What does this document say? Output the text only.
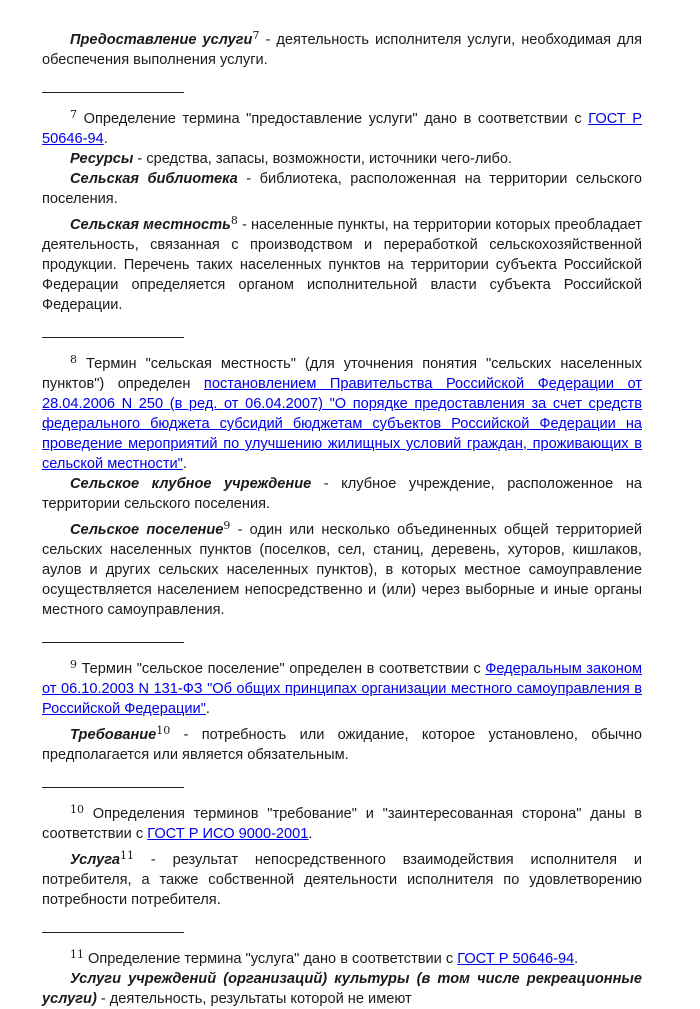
Предоставление услуги$^7$ - деятельность исполнителя услуги, необходимая для обеспечения выполнения услуги.

$^7$ Определение термина "предоставление услуги" дано в соответствии с ГОСТ Р 50646-94.

Ресурсы - средства, запасы, возможности, источники чего-либо.

Сельская библиотека - библиотека, расположенная на территории сельского поселения.

Сельская местность$^8$ - населенные пункты, на территории которых преобладает деятельность, связанная с производством и переработкой сельскохозяйственной продукции. Перечень таких населенных пунктов на территории субъекта Российской Федерации определяется органом исполнительной власти субъекта Российской Федерации.

$^8$ Термин "сельская местность" (для уточнения понятия "сельских населенных пунктов") определен постановлением Правительства Российской Федерации от 28.04.2006 N 250 (в ред. от 06.04.2007) "О порядке предоставления за счет средств федерального бюджета субсидий бюджетам субъектов Российской Федерации на проведение мероприятий по улучшению жилищных условий граждан, проживающих в сельской местности".

Сельское клубное учреждение - клубное учреждение, расположенное на территории сельского поселения.

Сельское поселение$^9$ - один или несколько объединенных общей территорией сельских населенных пунктов (поселков, сел, станиц, деревень, хуторов, кишлаков, аулов и других сельских населенных пунктов), в которых местное самоуправление осуществляется населением непосредственно и (или) через выборные и иные органы местного самоуправления.

$^9$ Термин "сельское поселение" определен в соответствии с Федеральным законом от 06.10.2003 N 131-ФЗ "Об общих принципах организации местного самоуправления в Российской Федерации".

Требование$^{10}$ - потребность или ожидание, которое установлено, обычно предполагается или является обязательным.

$^{10}$ Определения терминов "требование" и "заинтересованная сторона" даны в соответствии с ГОСТ Р ИСО 9000-2001.

Услуга$^{11}$ - результат непосредственного взаимодействия исполнителя и потребителя, а также собственной деятельности исполнителя по удовлетворению потребности потребителя.

$^{11}$ Определение термина "услуга" дано в соответствии с ГОСТ Р 50646-94.

Услуги учреждений (организаций) культуры (в том числе рекреационные услуги) - деятельность, результаты которой не имеют
